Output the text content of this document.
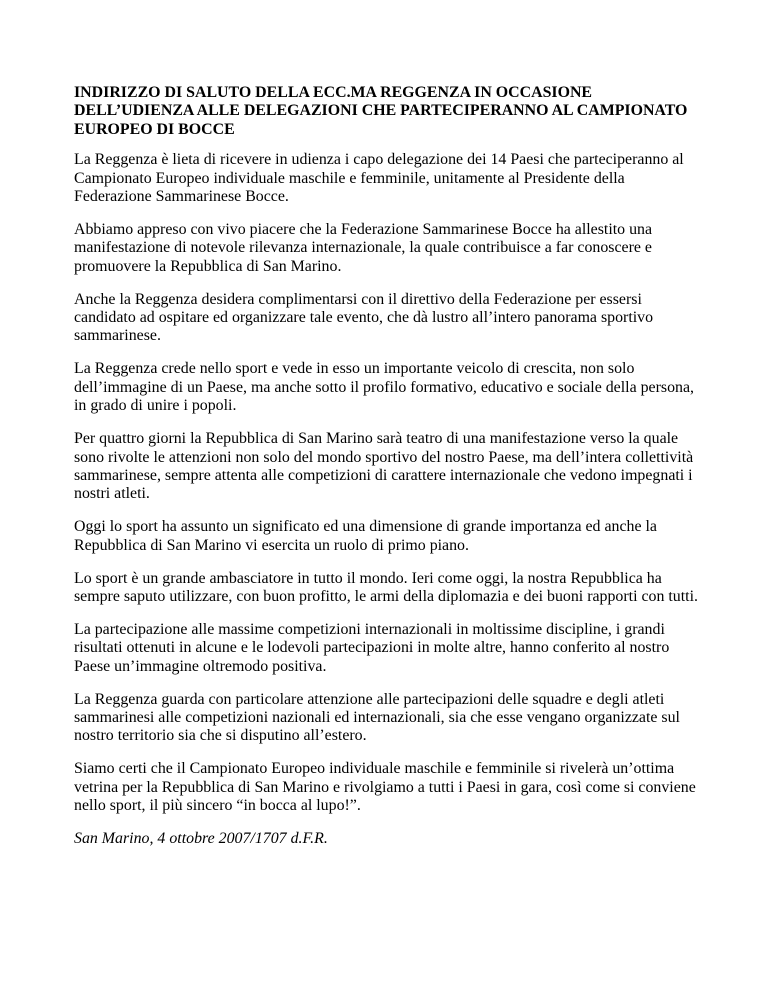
INDIRIZZO DI SALUTO DELLA ECC.MA REGGENZA IN OCCASIONE DELL’UDIENZA ALLE DELEGAZIONI CHE PARTECIPERANNO AL CAMPIONATO EUROPEO DI BOCCE

La Reggenza è lieta di ricevere in udienza i capo delegazione dei 14 Paesi che parteciperanno al Campionato Europeo individuale maschile e femminile, unitamente al Presidente della Federazione Sammarinese Bocce.

Abbiamo appreso con vivo piacere che la Federazione Sammarinese Bocce ha allestito una manifestazione di notevole rilevanza internazionale, la quale contribuisce a far conoscere e promuovere la Repubblica di San Marino.

Anche la Reggenza desidera complimentarsi con il direttivo della Federazione per essersi candidato ad ospitare ed organizzare tale evento, che dà lustro all’intero panorama sportivo sammarinese.

La Reggenza crede nello sport e vede in esso un importante veicolo di crescita, non solo dell’immagine di un Paese, ma anche sotto il profilo formativo, educativo e sociale della persona, in grado di unire i popoli.

Per quattro giorni la Repubblica di San Marino sarà teatro di una manifestazione verso la quale sono rivolte le attenzioni non solo del mondo sportivo del nostro Paese, ma dell’intera collettività sammarinese, sempre attenta alle competizioni di carattere internazionale che vedono impegnati i nostri atleti.

Oggi lo sport ha assunto un significato ed una dimensione di grande importanza ed anche la Repubblica di San Marino vi esercita un ruolo di primo piano.

Lo sport è un grande ambasciatore in tutto il mondo. Ieri come oggi, la nostra Repubblica ha sempre saputo utilizzare, con buon profitto, le armi della diplomazia e dei buoni rapporti con tutti.

La partecipazione alle massime competizioni internazionali in moltissime discipline, i grandi risultati ottenuti in alcune e le lodevoli partecipazioni in molte altre, hanno conferito al nostro Paese un’immagine oltremodo positiva.

La Reggenza guarda con particolare attenzione alle partecipazioni delle squadre e degli atleti sammarinesi alle competizioni nazionali ed internazionali, sia che esse vengano organizzate sul nostro territorio sia che si disputino all’estero.

Siamo certi che il Campionato Europeo individuale maschile e femminile si rivelerà un’ottima vetrina per la Repubblica di San Marino e rivolgiamo a tutti i Paesi in gara, così come si conviene nello sport, il più sincero “in bocca al lupo!”.

San Marino, 4 ottobre 2007/1707 d.F.R.
